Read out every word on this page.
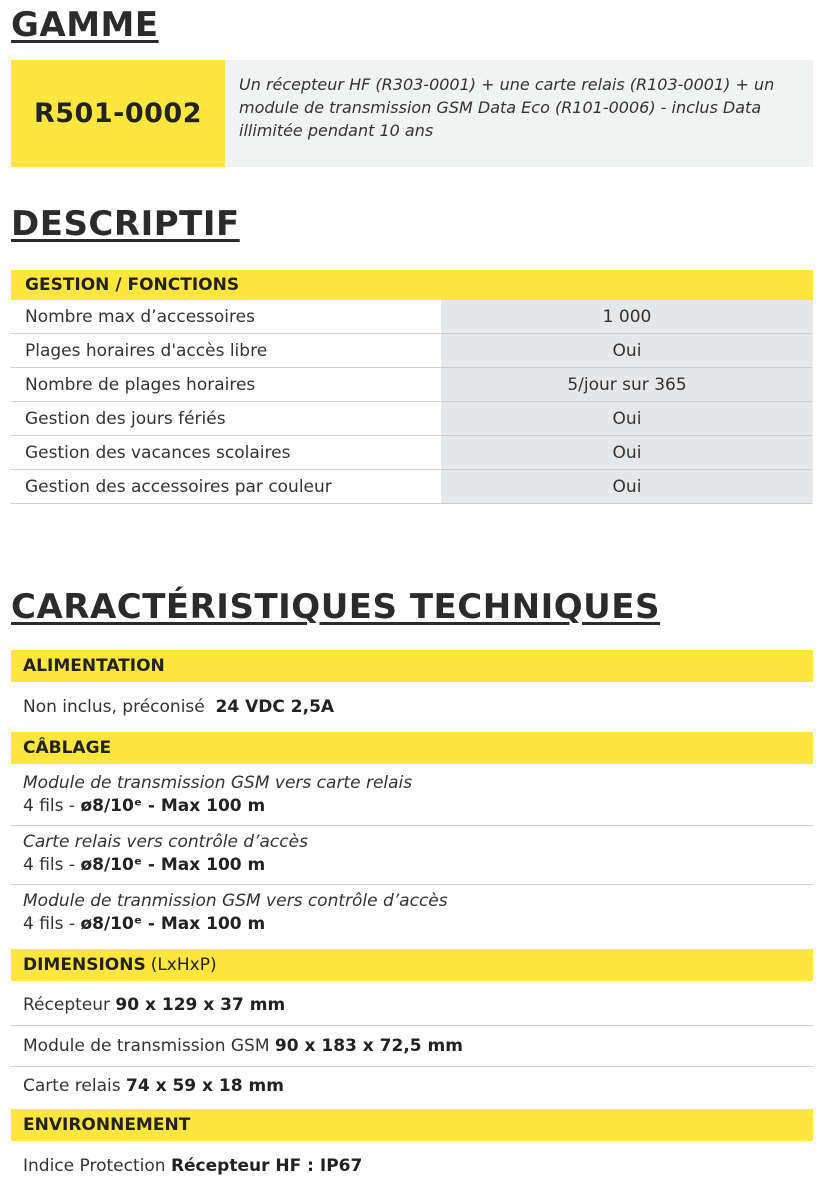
GAMME
R501-0002
Un récepteur HF (R303-0001) + une carte relais (R103-0001) + un module de transmission GSM Data Eco (R101-0006) - inclus Data illimitée pendant 10 ans
DESCRIPTIF
GESTION / FONCTIONS
Nombre max d’accessoires	1 000
Plages horaires d'accès libre	Oui
Nombre de plages horaires	5/jour sur 365
Gestion des jours fériés	Oui
Gestion des vacances scolaires	Oui
Gestion des accessoires par couleur	Oui
CARACTÉRISTIQUES TECHNIQUES
ALIMENTATION
Non inclus, préconisé 24 VDC 2,5A
CÂBLAGE
Module de transmission GSM vers carte relais
4 fils - ø8/10ᵉ - Max 100 m
Carte relais vers contrôle d’accès
4 fils - ø8/10ᵉ - Max 100 m
Module de tranmission GSM vers contrôle d’accès
4 fils - ø8/10ᵉ - Max 100 m
DIMENSIONS (LxHxP)
Récepteur 90 x 129 x 37 mm
Module de transmission GSM 90 x 183 x 72,5 mm
Carte relais 74 x 59 x 18 mm
ENVIRONNEMENT
Indice Protection Récepteur HF : IP67
